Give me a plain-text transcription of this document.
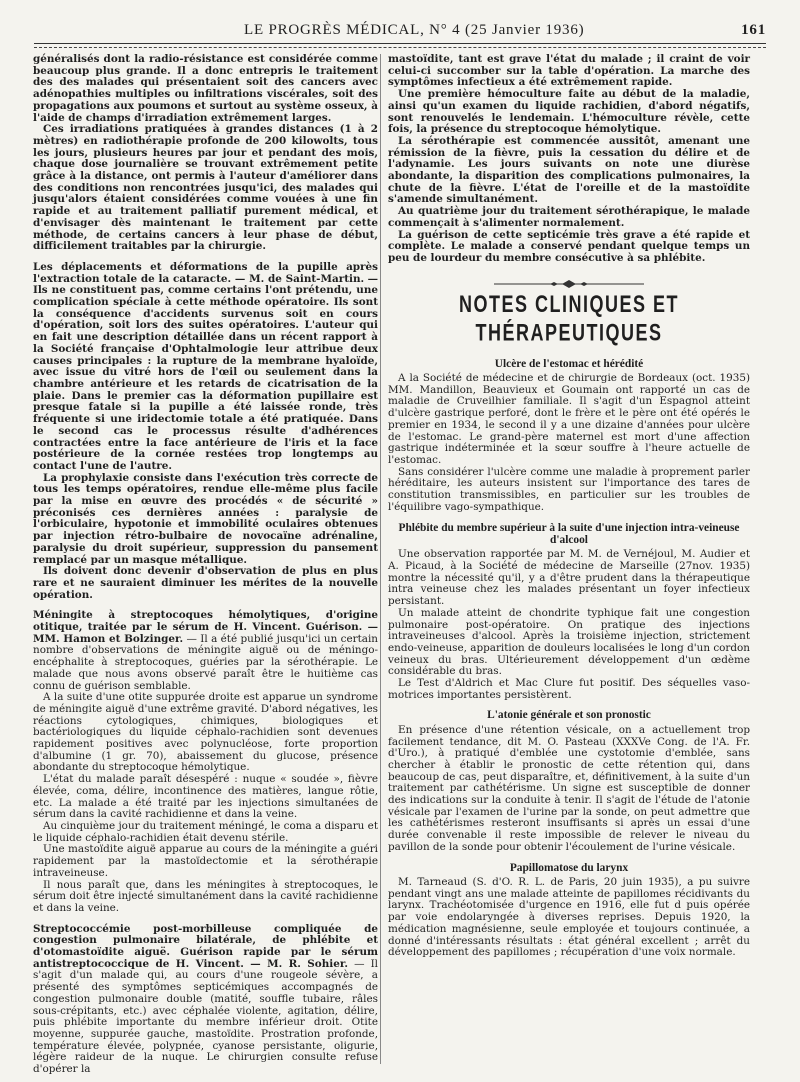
LE PROGRÈS MÉDICAL, N° 4 (25 Janvier 1936)	161

généralisés dont la radio-résistance est considérée comme beaucoup plus grande. Il a donc entrepris le traitement des des malades qui présentaient soit des cancers avec adénopathies multiples ou infiltrations viscérales, soit des propagations aux poumons et surtout au système osseux, à l'aide de champs d'irradiation extrêmement larges.

Ces irradiations pratiquées à grandes distances (1 à 2 mètres) en radiothérapie profonde de 200 kilowolts, tous les jours, plusieurs heures par jour et pendant des mois, chaque dose journalière se trouvant extrêmement petite grâce à la distance, ont permis à l'auteur d'améliorer dans des conditions non rencontrées jusqu'ici, des malades qui jusqu'alors étaient considérées comme vouées à une fin rapide et au traitement palliatif purement médical, et d'envisager dès maintenant le traitement par cette méthode, de certains cancers à leur phase de début, difficilement traitables par la chirurgie.

Les déplacements et déformations de la pupille après l'extraction totale de la cataracte. — M. de Saint-Martin. — Ils ne constituent pas, comme certains l'ont prétendu, une complication spéciale à cette méthode opératoire. Ils sont la conséquence d'accidents survenus soit en cours d'opération, soit lors des suites opératoires. L'auteur qui en fait une description détaillée dans un récent rapport à la Société française d'Ophtalmologie leur attribue deux causes principales : la rupture de la membrane hyaloïde, avec issue du vitré hors de l'œil ou seulement dans la chambre antérieure et les retards de cicatrisation de la plaie. Dans le premier cas la déformation pupillaire est presque fatale si la pupille a été laissée ronde, très fréquente si une iridectomie totale a été pratiquée. Dans le second cas le processus résulte d'adhérences contractées entre la face antérieure de l'iris et la face postérieure de la cornée restées trop longtemps au contact l'une de l'autre.

La prophylaxie consiste dans l'exécution très correcte de tous les temps opératoires, rendue elle-même plus facile par la mise en œuvre des procédés « de sécurité » préconisés ces dernières années : paralysie de l'orbiculaire, hypotonie et immobilité oculaires obtenues par injection rétro-bulbaire de novocaïne adrénaline, paralysie du droit supérieur, suppression du pansement remplacé par un masque métallique.

Ils doivent donc devenir d'observation de plus en plus rare et ne sauraient diminuer les mérites de la nouvelle opération.

Méningite à streptocoques hémolytiques, d'origine otitique, traitée par le sérum de H. Vincent. Guérison. — MM. Hamon et Bolzinger. — Il a été publié jusqu'ici un certain nombre d'observations de méningite aiguë ou de méningo-encéphalite à streptocoques, guéries par la sérothérapie. Le malade que nous avons observé paraît être le huitième cas connu de guérison semblable.

A la suite d'une otite suppurée droite est apparue un syndrome de méningite aiguë d'une extrême gravité. D'abord négatives, les réactions cytologiques, chimiques, biologiques et bactériologiques du liquide céphalo-rachidien sont devenues rapidement positives avec polynucléose, forte proportion d'albumine (1 gr. 70), abaissement du glucose, présence abondante du streptocoque hémolytique.

L'état du malade paraît désespéré : nuque « soudée », fièvre élevée, coma, délire, incontinence des matières, langue rôtie, etc. La malade a été traité par les injections simultanées de sérum dans la cavité rachidienne et dans la veine.

Au cinquième jour du traitement méningé, le coma a disparu et le liquide céphalo-rachidien était devenu stérile.

Une mastoïdite aiguë apparue au cours de la méningite a guéri rapidement par la mastoïdectomie et la sérothérapie intraveineuse.

Il nous paraît que, dans les méningites à streptocoques, le sérum doit être injecté simultanément dans la cavité rachidienne et dans la veine.

Streptococcémie post-morbilleuse compliquée de congestion pulmonaire bilatérale, de phlébite et d'otomastoïdite aiguë. Guérison rapide par le sérum antistreptococcique de H. Vincent. — M. R. Sohier. — Il s'agit d'un malade qui, au cours d'une rougeole sévère, a présenté des symptômes septicémiques accompagnés de congestion pulmonaire double (matité, souffle tubaire, râles sous-crépitants, etc.) avec céphalée violente, agitation, délire, puis phlébite importante du membre inférieur droit. Otite moyenne, suppurée gauche, mastoïdite. Prostration profonde, température élevée, polypnée, cyanose persistante, oligurie, légère raideur de la nuque. Le chirurgien consulte refuse d'opérer la

mastoïdite, tant est grave l'état du malade ; il craint de voir celui-ci succomber sur la table d'opération. La marche des symptômes infectieux a été extrêmement rapide.

Une première hémoculture faite au début de la maladie, ainsi qu'un examen du liquide rachidien, d'abord négatifs, sont renouvelés le lendemain. L'hémoculture révèle, cette fois, la présence du streptocoque hémolytique.

La sérothérapie est commencée aussitôt, amenant une rémission de la fièvre, puis la cessation du délire et de l'adynamie. Les jours suivants on note une diurèse abondante, la disparition des complications pulmonaires, la chute de la fièvre. L'état de l'oreille et de la mastoïdite s'amende simultanément.

Au quatrième jour du traitement sérothérapique, le malade commençait à s'alimenter normalement.

La guérison de cette septicémie très grave a été rapide et complète. Le malade a conservé pendant quelque temps un peu de lourdeur du membre consécutive à sa phlébite.

NOTES CLINIQUES ET THÉRAPEUTIQUES
Ulcère de l'estomac et hérédité

A la Société de médecine et de chirurgie de Bordeaux (oct. 1935) MM. Mandillon, Beauvieux et Goumain ont rapporté un cas de maladie de Cruveilhier familiale. Il s'agit d'un Espagnol atteint d'ulcère gastrique perforé, dont le frère et le père ont été opérés le premier en 1934, le second il y a une dizaine d'années pour ulcère de l'estomac. Le grand-père maternel est mort d'une affection gastrique indéterminée et la sœur souffre à l'heure actuelle de l'estomac.

Sans considérer l'ulcère comme une maladie à proprement parler héréditaire, les auteurs insistent sur l'importance des tares de constitution transmissibles, en particulier sur les troubles de l'équilibre vago-sympathique.

Phlébite du membre supérieur à la suite d'une injection intra-veineuse d'alcool

Une observation rapportée par M. M. de Vernéjoul, M. Audier et A. Picaud, à la Société de médecine de Marseille (27nov. 1935) montre la nécessité qu'il, y a d'être prudent dans la thérapeutique intra veineuse chez les malades présentant un foyer infectieux persistant.

Un malade atteint de chondrite typhique fait une congestion pulmonaire post-opératoire. On pratique des injections intraveineuses d'alcool. Après la troisième injection, strictement endo-veineuse, apparition de douleurs localisées le long d'un cordon veineux du bras. Ultérieurement développement d'un œdème considérable du bras.

Le Test d'Aldrich et Mac Clure fut positif. Des séquelles vaso-motrices importantes persistèrent.

L'atonie générale et son pronostic

En présence d'une rétention vésicale, on a actuellement trop facilement tendance, dit M. O. Pasteau (XXXVe Cong. de l'A. Fr. d'Uro.), à pratiqué d'emblée une cystotomie d'emblée, sans chercher à établir le pronostic de cette rétention qui, dans beaucoup de cas, peut disparaître, et, définitivement, à la suite d'un traitement par cathétérisme. Un signe est susceptible de donner des indications sur la conduite à tenir. Il s'agit de l'étude de l'atonie vésicale par l'examen de l'urine par la sonde, on peut admettre que les cathétérismes resteront insuffisants si après un essai d'une durée convenable il reste impossible de relever le niveau du pavillon de la sonde pour obtenir l'écoulement de l'urine vésicale.

Papillomatose du larynx

M. Tarneaud (S. d'O. R. L. de Paris, 20 juin 1935), a pu suivre pendant vingt ans une malade atteinte de papillomes récidivants du larynx. Trachéotomisée d'urgence en 1916, elle fut d puis opérée par voie endolaryngée à diverses reprises. Depuis 1920, la médication magnésienne, seule employée et toujours continuée, a donné d'intéressants résultats : état général excellent ; arrêt du développement des papillomes ; récupération d'une voix normale.
